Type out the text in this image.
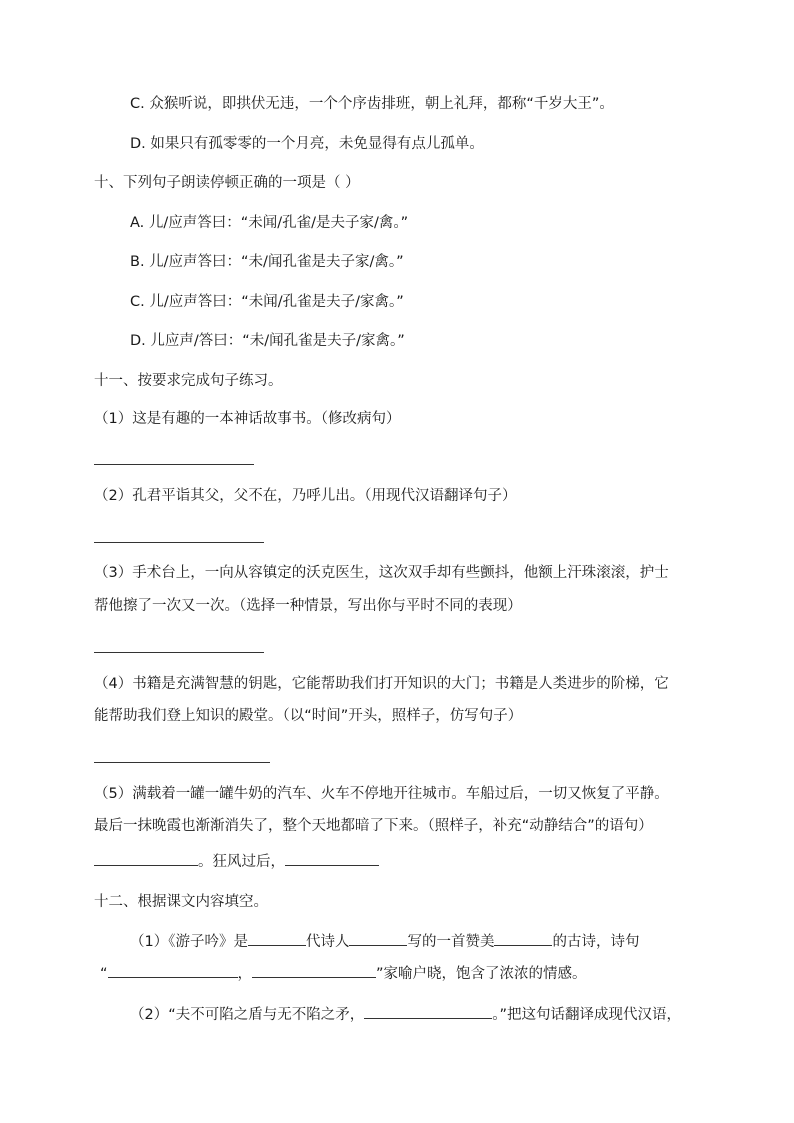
C. 众猴听说，即拱伏无违，一个个序齿排班，朝上礼拜，都称“千岁大王”。
D. 如果只有孤零零的一个月亮，未免显得有点儿孤单。
十、下列句子朗读停顿正确的一项是（ ）
A. 儿/应声答曰：“未闻/孔雀/是夫子家/禽。”
B. 儿/应声答曰：“未/闻孔雀是夫子家/禽。”
C. 儿/应声答曰：“未闻/孔雀是夫子/家禽。”
D. 儿应声/答曰：“未/闻孔雀是夫子/家禽。”
十一、按要求完成句子练习。
（1）这是有趣的一本神话故事书。（修改病句）
（2）孔君平诣其父，父不在，乃呼儿出。（用现代汉语翻译句子）
（3）手术台上，一向从容镇定的沃克医生，这次双手却有些颤抖，他额上汗珠滚滚，护士
帮他擦了一次又一次。（选择一种情景，写出你与平时不同的表现）
（4）书籍是充满智慧的钥匙，它能帮助我们打开知识的大门；书籍是人类进步的阶梯，它
能帮助我们登上知识的殿堂。（以“时间”开头，照样子，仿写句子）
（5）满载着一罐一罐牛奶的汽车、火车不停地开往城市。车船过后，一切又恢复了平静。
最后一抹晚霞也渐渐消失了，整个天地都暗了下来。（照样子，补充“动静结合”的语句）
。狂风过后，
十二、根据课文内容填空。
（1）《游子吟》是	代诗人	写的一首赞美	的古诗，诗句
“	，	”家喻户晓，饱含了浓浓的情感。
（2）“夫不可陷之盾与无不陷之矛，	。”把这句话翻译成现代汉语，
